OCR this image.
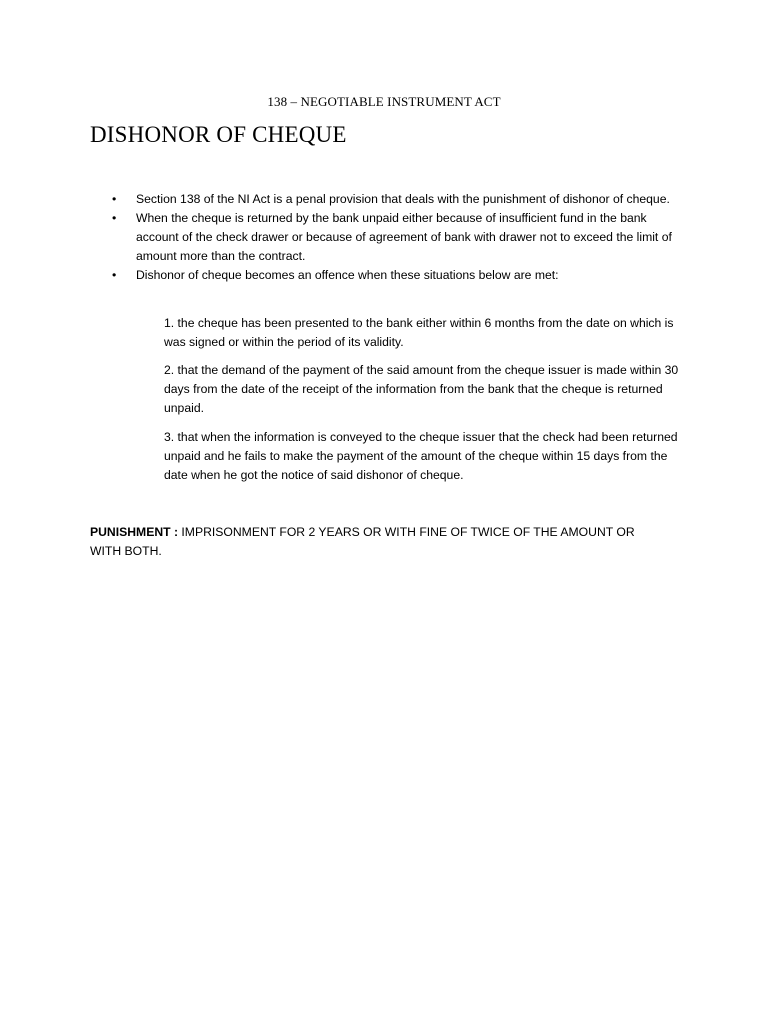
138 – NEGOTIABLE INSTRUMENT ACT
DISHONOR OF CHEQUE
• Section 138 of the NI Act is a penal provision that deals with the punishment of dishonor of cheque.
• When the cheque is returned by the bank unpaid either because of insufficient fund in the bank account of the check drawer or because of agreement of bank with drawer not to exceed the limit of amount more than the contract.
• Dishonor of cheque becomes an offence when these situations below are met:

1. the cheque has been presented to the bank either within 6 months from the date on which is was signed or within the period of its validity.

2. that the demand of the payment of the said amount from the cheque issuer is made within 30 days from the date of the receipt of the information from the bank that the cheque is returned unpaid.

3. that when the information is conveyed to the cheque issuer that the check had been returned unpaid and he fails to make the payment of the amount of the cheque within 15 days from the date when he got the notice of said dishonor of cheque.

PUNISHMENT : IMPRISONMENT FOR 2 YEARS OR WITH FINE OF TWICE OF THE AMOUNT OR WITH BOTH.
